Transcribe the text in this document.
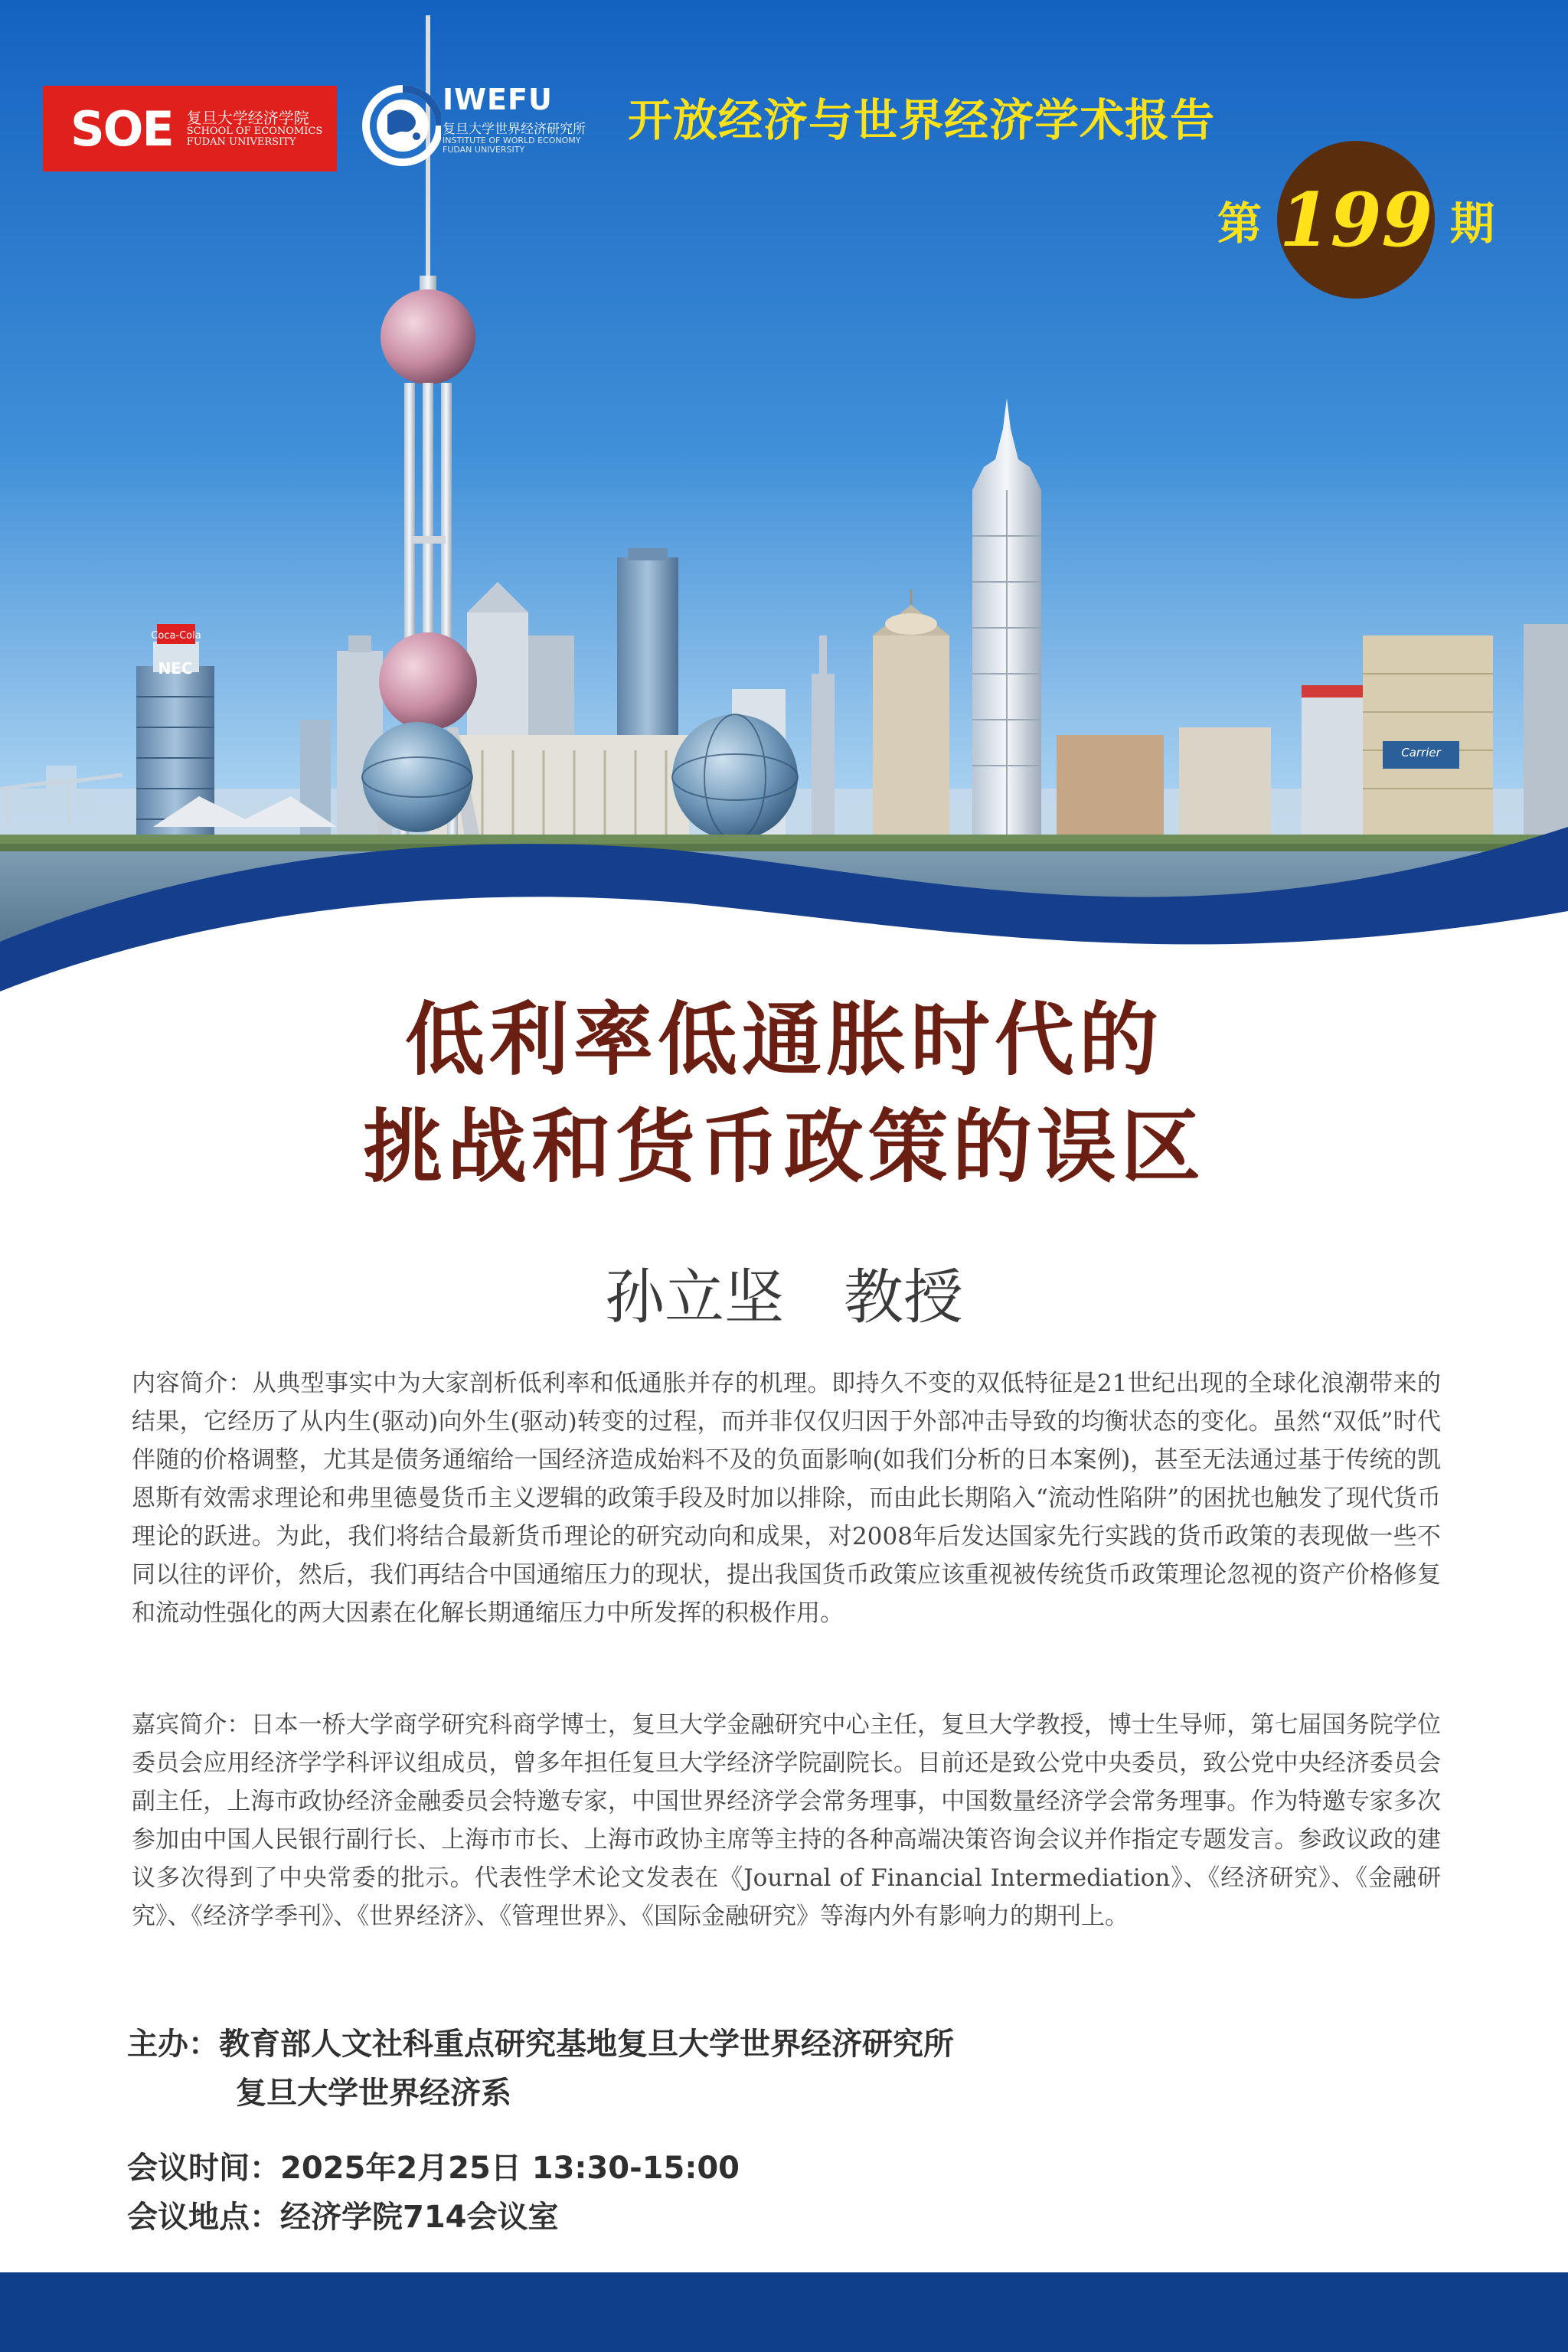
Coca-Cola
NEC
Carrier
SOE 复旦大学经济学院
SCHOOL OF ECONOMICS
FUDAN UNIVERSITY
IWEFU
复旦大学世界经济研究所
INSTITUTE OF WORLD ECONOMY
FUDAN UNIVERSITY
开放经济与世界经济学术报告
第 199 期
低利率低通胀时代的
挑战和货币政策的误区
孙立坚　教授
内容简介：从典型事实中为大家剖析低利率和低通胀并存的机理。即持久不变的双低特征是21世纪出现的全球化浪潮带来的结果，它经历了从内生(驱动)向外生(驱动)转变的过程，而并非仅仅归因于外部冲击导致的均衡状态的变化。虽然“双低”时代伴随的价格调整，尤其是债务通缩给一国经济造成始料不及的负面影响(如我们分析的日本案例)，甚至无法通过基于传统的凯恩斯有效需求理论和弗里德曼货币主义逻辑的政策手段及时加以排除，而由此长期陷入“流动性陷阱”的困扰也触发了现代货币理论的跃进。为此，我们将结合最新货币理论的研究动向和成果，对2008年后发达国家先行实践的货币政策的表现做一些不同以往的评价，然后，我们再结合中国通缩压力的现状，提出我国货币政策应该重视被传统货币政策理论忽视的资产价格修复和流动性强化的两大因素在化解长期通缩压力中所发挥的积极作用。
嘉宾简介：日本一桥大学商学研究科商学博士，复旦大学金融研究中心主任，复旦大学教授，博士生导师，第七届国务院学位委员会应用经济学学科评议组成员，曾多年担任复旦大学经济学院副院长。目前还是致公党中央委员，致公党中央经济委员会副主任，上海市政协经济金融委员会特邀专家，中国世界经济学会常务理事，中国数量经济学会常务理事。作为特邀专家多次参加由中国人民银行副行长、上海市市长、上海市政协主席等主持的各种高端决策咨询会议并作指定专题发言。参政议政的建议多次得到了中央常委的批示。代表性学术论文发表在《Journal of Financial Intermediation》、《经济研究》、《金融研究》、《经济学季刊》、《世界经济》、《管理世界》、《国际金融研究》等海内外有影响力的期刊上。
主办： 教育部人文社科重点研究基地复旦大学世界经济研究所
复旦大学世界经济系
会议时间：2025年2月25日 13:30-15:00
会议地点：经济学院714会议室
